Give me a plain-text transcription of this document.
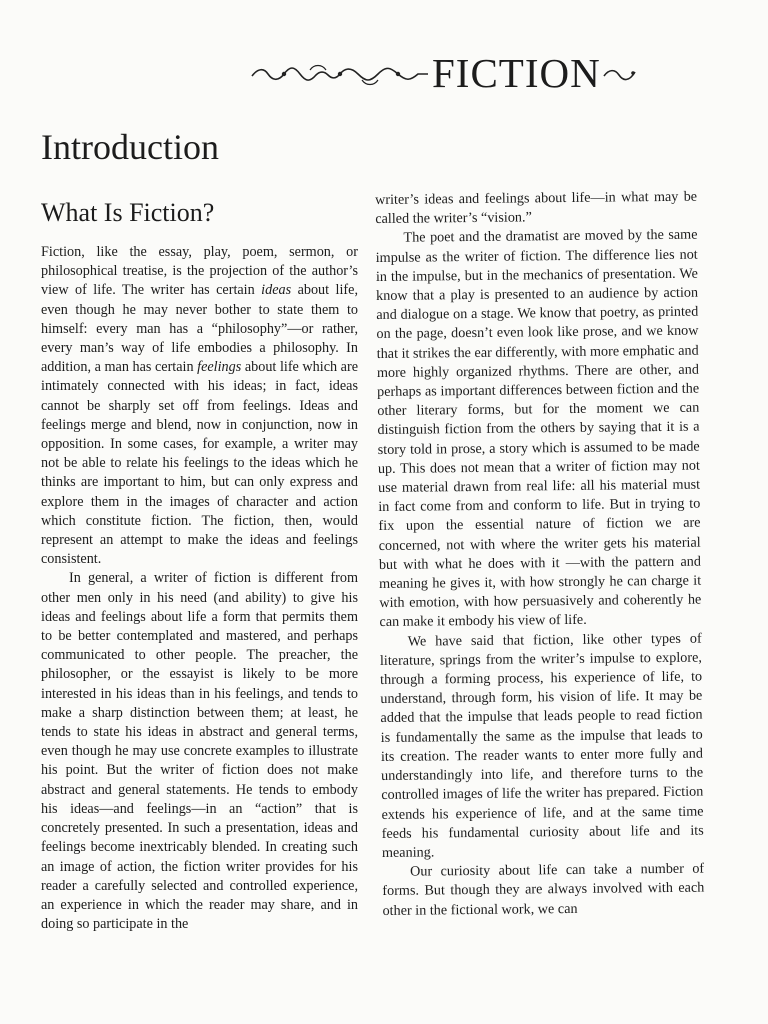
FICTION
Introduction
What Is Fiction?

Fiction, like the essay, play, poem, sermon, or philosophical treatise, is the projection of the author’s view of life. The writer has certain ideas about life, even though he may never bother to state them to himself: every man has a “philosophy”—or rather, every man’s way of life embodies a philosophy. In addition, a man has certain feelings about life which are intimately connected with his ideas; in fact, ideas cannot be sharply set off from feelings. Ideas and feelings merge and blend, now in conjunction, now in opposition. In some cases, for example, a writer may not be able to relate his feelings to the ideas which he thinks are important to him, but can only express and explore them in the images of character and action which constitute fiction. The fiction, then, would represent an attempt to make the ideas and feelings consistent.

In general, a writer of fiction is different from other men only in his need (and ability) to give his ideas and feelings about life a form that permits them to be better contemplated and mastered, and perhaps communicated to other people. The preacher, the philosopher, or the essayist is likely to be more interested in his ideas than in his feelings, and tends to make a sharp distinction between them; at least, he tends to state his ideas in abstract and general terms, even though he may use concrete examples to illustrate his point. But the writer of fiction does not make abstract and general statements. He tends to embody his ideas—and feelings—in an “action” that is concretely presented. In such a presentation, ideas and feelings become inextricably blended. In creating such an image of action, the fiction writer provides for his reader a carefully selected and controlled experience, an experience in which the reader may share, and in doing so participate in the

writer’s ideas and feelings about life—in what may be called the writer’s “vision.”

The poet and the dramatist are moved by the same impulse as the writer of fiction. The difference lies not in the impulse, but in the mechanics of presentation. We know that a play is presented to an audience by action and dialogue on a stage. We know that poetry, as printed on the page, doesn’t even look like prose, and we know that it strikes the ear differently, with more emphatic and more highly organized rhythms. There are other, and perhaps as important differences between fiction and the other literary forms, but for the moment we can distinguish fiction from the others by saying that it is a story told in prose, a story which is assumed to be made up. This does not mean that a writer of fiction may not use material drawn from real life: all his material must in fact come from and conform to life. But in trying to fix upon the essential nature of fiction we are concerned, not with where the writer gets his material but with what he does with it —with the pattern and meaning he gives it, with how strongly he can charge it with emotion, with how persuasively and coherently he can make it embody his view of life.

We have said that fiction, like other types of literature, springs from the writer’s impulse to explore, through a forming process, his experience of life, to understand, through form, his vision of life. It may be added that the impulse that leads people to read fiction is fundamentally the same as the impulse that leads to its creation. The reader wants to enter more fully and understandingly into life, and therefore turns to the controlled images of life the writer has prepared. Fiction extends his experience of life, and at the same time feeds his fundamental curiosity about life and its meaning.

Our curiosity about life can take a number of forms. But though they are always involved with each other in the fictional work, we can
